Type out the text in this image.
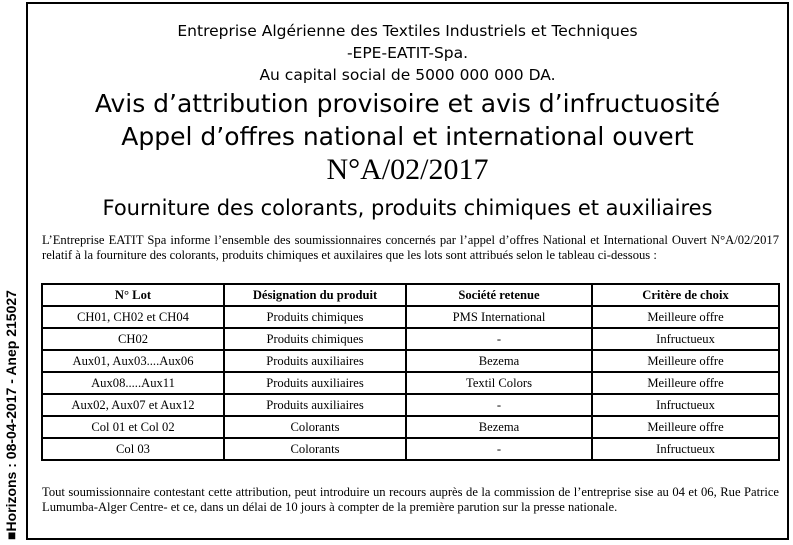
■Horizons : 08-04-2017 - Anep 215027
Entreprise Algérienne des Textiles Industriels et Techniques
-EPE-EATIT-Spa.
Au capital social de 5000 000 000 DA.
Avis d’attribution provisoire et avis d’infructuosité
Appel d’offres national et international ouvert
N°A/02/2017
Fourniture des colorants, produits chimiques et auxiliaires
L’Entreprise EATIT Spa informe l’ensemble des soumissionnaires concernés par l’appel d’offres National et International Ouvert N°A/02/2017 relatif à la fourniture des colorants, produits chimiques et auxilaires que les lots sont attribués selon le tableau ci-dessous :
N° Lot	Désignation du produit	Société retenue	Critère de choix
CH01, CH02 et CH04	Produits chimiques	PMS International	Meilleure offre
CH02	Produits chimiques	-	Infructueux
Aux01, Aux03....Aux06	Produits auxiliaires	Bezema	Meilleure offre
Aux08.....Aux11	Produits auxiliaires	Textil Colors	Meilleure offre
Aux02, Aux07 et Aux12	Produits auxiliaires	-	Infructueux
Col 01 et Col 02	Colorants	Bezema	Meilleure offre
Col 03	Colorants	-	Infructueux
Tout soumissionnaire contestant cette attribution, peut introduire un recours auprès de la commission de l’entreprise sise au 04 et 06, Rue Patrice Lumumba-Alger Centre- et ce, dans un délai de 10 jours à compter de la première parution sur la presse nationale.
